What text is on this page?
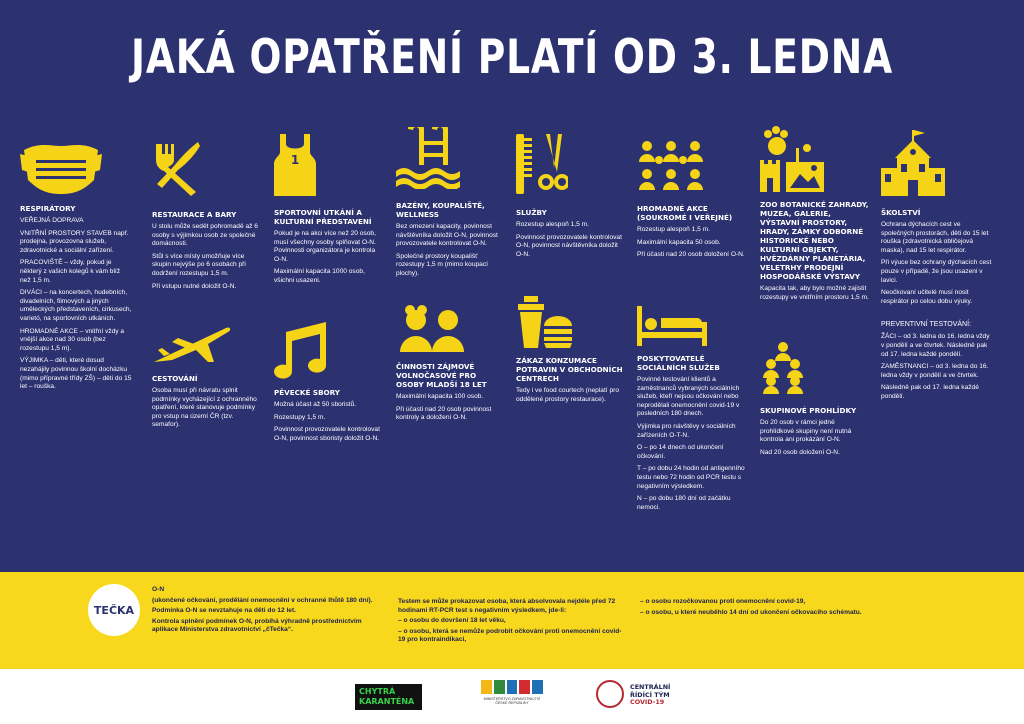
JAKÁ OPATŘENÍ PLATÍ OD 3. LEDNA
RESPIRÁTORY

VEŘEJNÁ DOPRAVA

VNITŘNÍ PROSTORY STAVEB např. prodejna, provozovna služeb, zdravotnické a sociální zařízení.

PRACOVIŠTĚ – vždy, pokud je některý z vašich kolegů k vám blíž než 1,5 m.

DIVÁCI – na koncertech, hudebních, divadelních, filmových a jiných uměleckých představeních, cirkusech, varietó, na sportovních utkáních.

HROMADNÉ AKCE – vnitřní vždy a vnější akce nad 30 osob (bez rozestupu 1,5 m).

VÝJIMKA – děti, které dosud nezahájily povinnou školní docházku (mimo přípravné třídy ZŠ) – děti do 15 let – rouška.

RESTAURACE A BARY

U stolu může sedět pohromadě až 6 osoby s výjimkou osob ze společné domácnosti.

Stůl s více místy umožňuje více skupin nejvýše po 6 osobách při dodržení rozestupu 1,5 m.

Při vstupu nutné doložit O-N.

1
SPORTOVNÍ UTKÁNÍ A KULTURNÍ PŘEDSTAVENÍ

Pokud je na akci více než 20 osob, musí všechny osoby splňovat O-N. Povinnosti organizátora je kontrola O-N.

Maximální kapacita 1000 osob, všichni usazeni.

BAZÉNY, KOUPALIŠTĚ, WELLNESS

Bez omezení kapacity, povinnost návštěvníka doložit O-N, povinnost provozovatele kontrolovat O-N.

Společné prostory koupališť rozestupy 1,5 m (mimo koupací plochy).

SLUŽBY

Rozestup alespoň 1,5 m.

Povinnost provozovatele kontrolovat O-N, povinnost návštěvníka doložit O-N.

HROMADNÉ AKCE (SOUKROMÉ I VEŘEJNÉ)

Rozestup alespoň 1,5 m.

Maximální kapacita 50 osob.

Při účasti nad 20 osob doložení O-N.

ZOO BOTANICKÉ ZAHRADY, MUZEA, GALERIE, VÝSTAVNÍ PROSTORY, HRADY, ZÁMKY ODBORNÉ HISTORICKÉ NEBO KULTURNÍ OBJEKTY, HVĚZDÁRNY PLANETÁRIA, VELETRHY PRODEJNÍ HOSPODÁŘSKÉ VÝSTAVY

Kapacita tak, aby bylo možné zajistit rozestupy ve vnitřním prostoru 1,5 m.

ŠKOLSTVÍ

Ochrana dýchacích cest ve společných prostorách, děti do 15 let rouška (zdravotnická obličejová maska), nad 15 let respirátor.

Při výuce bez ochrany dýchacích cest pouze v případě, že jsou usazeni v lavici.

Neočkovaní učitelé musí nosit respirátor po celou dobu výuky.

PREVENTIVNÍ TESTOVÁNÍ:

ŽÁCI – od 3. ledna do 16. ledna vždy v pondělí a ve čtvrtek. Následně pak od 17. ledna každé pondělí.

ZAMĚSTNANCI – od 3. ledna do 16. ledna vždy v pondělí a ve čtvrtek.

Následně pak od 17. ledna každé pondělí.

CESTOVÁNÍ

Osoba musí při návratu splnit podmínky vycházející z ochranného opatření, které stanovuje podmínky pro vstup na území ČR (tzv. semafor).

PĚVECKÉ SBORY

Možná účast až 50 sboristů.

Rozestupy 1,5 m.

Povinnost provozovatele kontrolovat O-N, povinnost sboristy doložit O-N.

ČINNOSTI ZÁJMOVÉ VOLNOČASOVÉ PRO OSOBY MLADŠÍ 18 LET

Maximální kapacita 100 osob.

Při účasti nad 20 osob povinnost kontroly a doložení O-N.

ZÁKAZ KONZUMACE POTRAVIN V OBCHODNÍCH CENTRECH

Tedy i ve food courtech (neplatí pro oddělené prostory restaurace).

POSKYTOVATELÉ SOCIÁLNÍCH SLUŽEB

Povinné testování klientů a zaměstnanců vybraných sociálních služeb, kteří nejsou očkování nebo neprodělali onemocnění covid-19 v posledních 180 dnech.

Výjimka pro návštěvy v sociálních zařízeních O-T-N.

O – po 14 dnech od ukončení očkování.

T – po dobu 24 hodin od antigenního testu nebo 72 hodin od PCR testu s negativním výsledkem.

N – po dobu 180 dní od začátku nemoci.

SKUPINOVÉ PROHLÍDKY

Do 20 osob v rámci jedné prohlídkové skupiny není nutná kontrola ani prokázání O-N.

Nad 20 osob doložení O-N.

TEČKA
O-N
(ukončené očkování, prodělání onemocnění v ochranné lhůtě 180 dní).
Podmínka O-N se nevztahuje na děti do 12 let.
Kontrola splnění podmínek O-N, probíhá výhradně prostřednictvím aplikace Ministerstva zdravotnictví „čTečka“.
Testem se může prokazovat osoba, která absolvovala nejdéle před 72 hodinami RT-PCR test s negativním výsledkem, jde-li:
– o osobu do dovršení 18 let věku,
– o osobu, která se nemůže podrobit očkování proti onemocnění covid-19 pro kontraindikaci,
– o osobu rozočkovanou proti onemocnění covid-19,
– o osobu, u které neuběhlo 14 dní od ukončení očkovacího schématu.
CHYTRÁ
KARANTÉNA	MINISTERSTVO ZDRAVOTNICTVÍ ČESKÉ REPUBLIKY
CENTRÁLNÍ
ŘÍDÍCÍ TÝM
COVID-19
